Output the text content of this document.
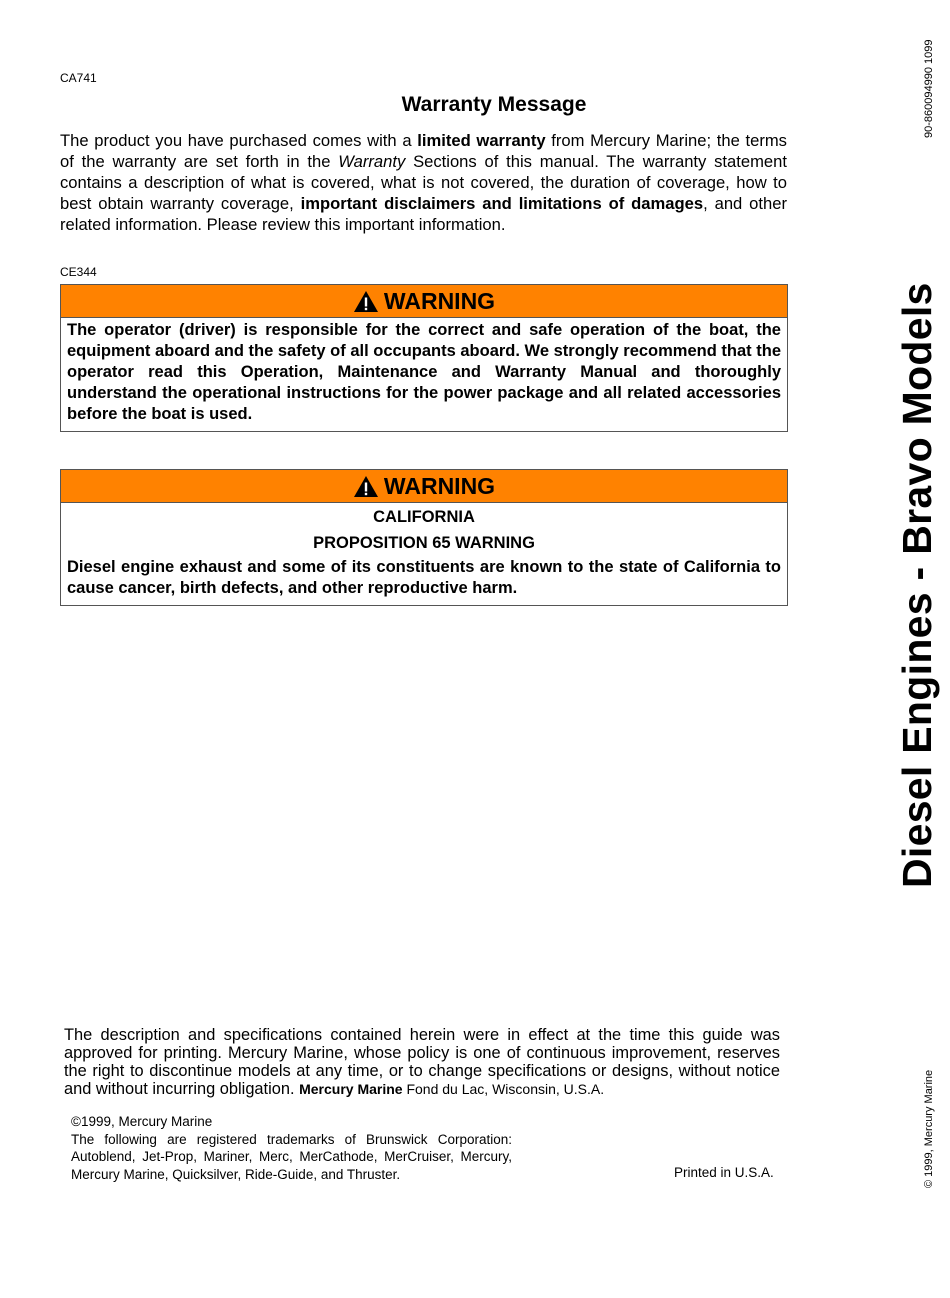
CA741
Warranty Message
The product you have purchased comes with a limited warranty from Mercury Marine; the terms of the warranty are set forth in the Warranty Sections of this manual. The warranty statement contains a description of what is covered, what is not covered, the duration of coverage, how to best obtain warranty coverage, important disclaimers and limitations of damages, and other related information. Please review this important information.
CE344
WARNING
The operator (driver) is responsible for the correct and safe operation of the boat, the equipment aboard and the safety of all occupants aboard. We strongly recommend that the operator read this Operation, Maintenance and Warranty Manual and thoroughly understand the operational instructions for the power package and all related accessories before the boat is used.
WARNING
CALIFORNIA
PROPOSITION 65 WARNING
Diesel engine exhaust and some of its constituents are known to the state of California to cause cancer, birth defects, and other reproductive harm.
90-860094990 1099
Diesel Engines - Bravo Models
© 1999, Mercury Marine
The description and specifications contained herein were in effect at the time this guide was approved for printing. Mercury Marine, whose policy is one of continuous improvement, reserves the right to discontinue models at any time, or to change specifications or designs, without notice and without incurring obligation. Mercury Marine Fond du Lac, Wisconsin, U.S.A.
©1999, Mercury Marine
The following are registered trademarks of Brunswick Corporation: Autoblend, Jet-Prop, Mariner, Merc, MerCathode, MerCruiser, Mercury, Mercury Marine, Quicksilver, Ride-Guide, and Thruster.	Printed in U.S.A.
